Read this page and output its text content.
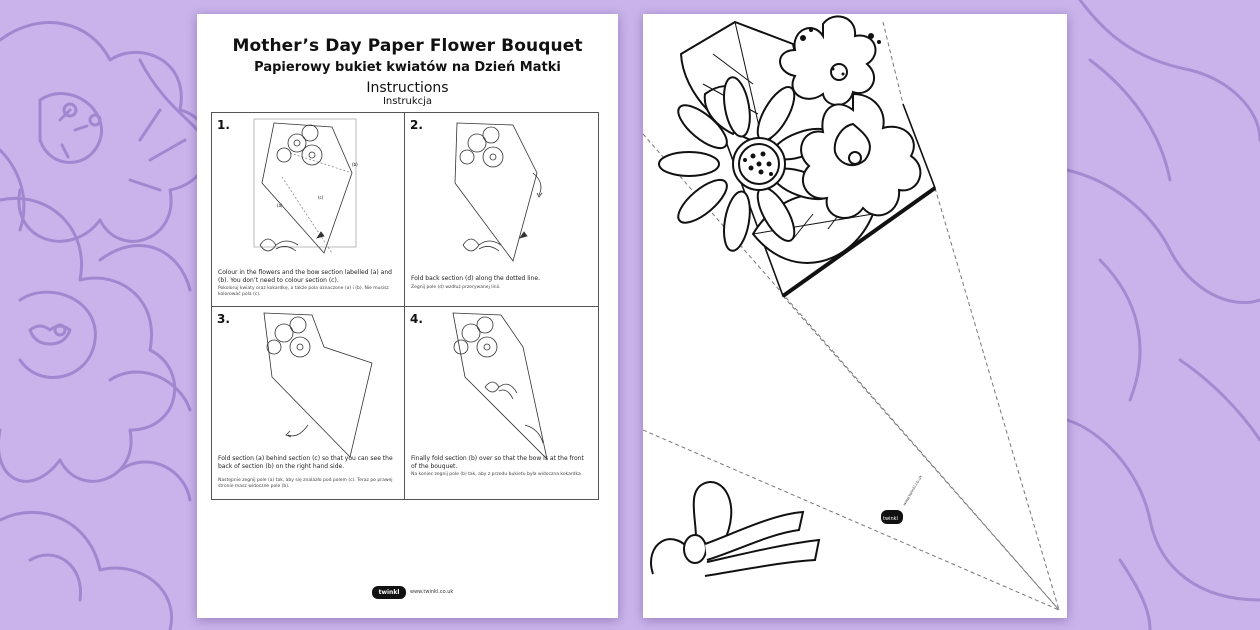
Mother’s Day Paper Flower Bouquet
Papierowy bukiet kwiatów na Dzień Matki
Instructions
Instrukcja
(a)
(b)
(c)
1.
Colour in the flowers and the bow section labelled (a) and (b). You don’t need to colour section (c).
Pokoloruj kwiaty oraz kokardkę, a także pola oznaczone (a) i (b). Nie musisz kolorować pola (c).
2.
Fold back section (d) along the dotted line.
Zegnij pole (d) wzdłuż przerywanej linii.
3.
Fold section (a) behind section (c) so that you can see the back of section (b) on the right hand side.
Następnie zegnij pole (a) tak, aby się znalazło pod polem (c). Teraz po prawej stronie masz widoczne pole (b).
4.
Finally fold section (b) over so that the bow is at the front of the bouquet.
Na koniec zegnij pole (b) tak, aby z przodu bukietu była widoczna kokardka.
twinkl	www.twinkl.co.uk
twinkl
www.twinkl.co.uk
